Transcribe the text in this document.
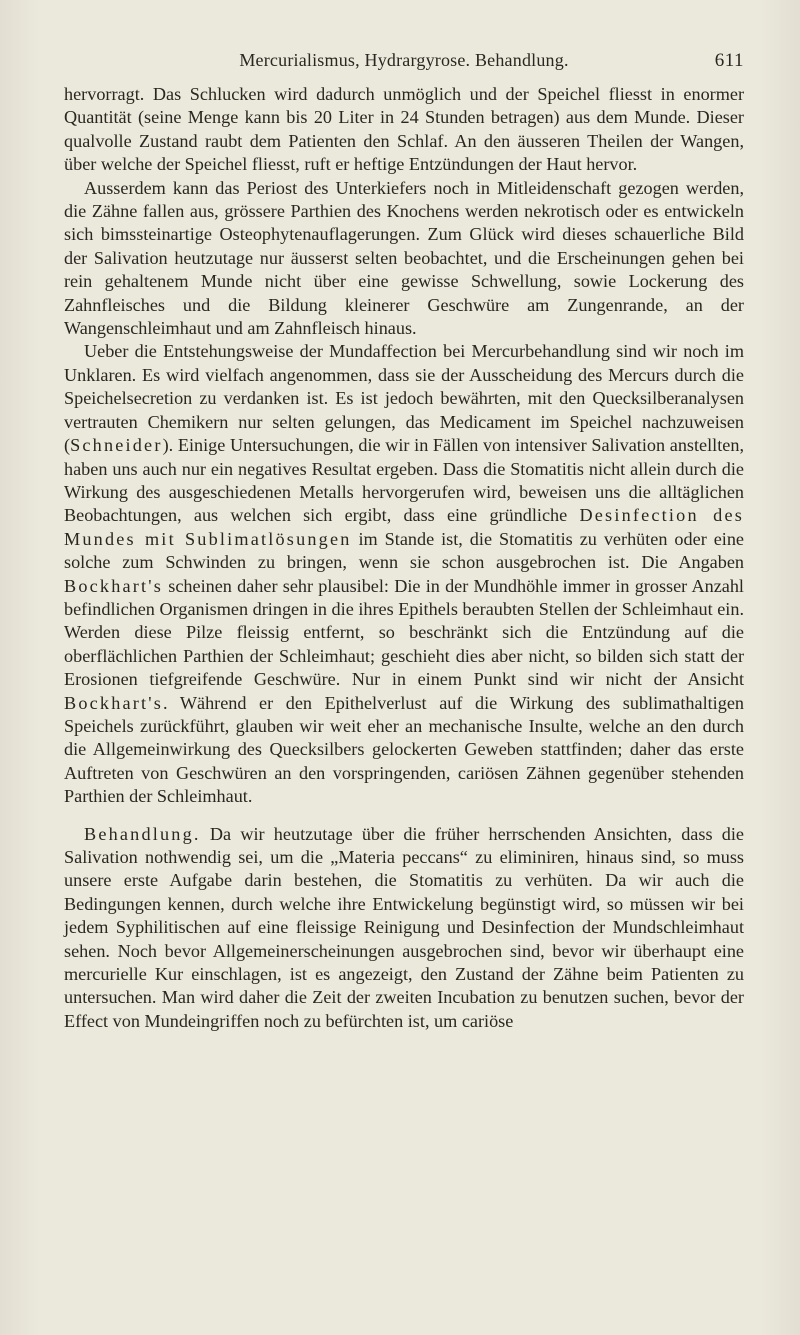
Mercurialismus, Hydrargyrose. Behandlung.	611

hervorragt. Das Schlucken wird dadurch unmöglich und der Speichel fliesst in enormer Quantität (seine Menge kann bis 20 Liter in 24 Stunden betragen) aus dem Munde. Dieser qualvolle Zustand raubt dem Patienten den Schlaf. An den äusseren Theilen der Wangen, über welche der Speichel fliesst, ruft er heftige Entzündungen der Haut hervor.

Ausserdem kann das Periost des Unterkiefers noch in Mitleidenschaft gezogen werden, die Zähne fallen aus, grössere Parthien des Knochens werden nekrotisch oder es entwickeln sich bimssteinartige Osteophytenauflagerungen. Zum Glück wird dieses schauerliche Bild der Salivation heutzutage nur äusserst selten beobachtet, und die Erscheinungen gehen bei rein gehaltenem Munde nicht über eine gewisse Schwellung, sowie Lockerung des Zahnfleisches und die Bildung kleinerer Geschwüre am Zungenrande, an der Wangenschleimhaut und am Zahnfleisch hinaus.

Ueber die Entstehungsweise der Mundaffection bei Mercurbehandlung sind wir noch im Unklaren. Es wird vielfach angenommen, dass sie der Ausscheidung des Mercurs durch die Speichelsecretion zu verdanken ist. Es ist jedoch bewährten, mit den Quecksilberanalysen vertrauten Chemikern nur selten gelungen, das Medicament im Speichel nachzuweisen (Schneider). Einige Untersuchungen, die wir in Fällen von intensiver Salivation anstellten, haben uns auch nur ein negatives Resultat ergeben. Dass die Stomatitis nicht allein durch die Wirkung des ausgeschiedenen Metalls hervorgerufen wird, beweisen uns die alltäglichen Beobachtungen, aus welchen sich ergibt, dass eine gründliche Desinfection des Mundes mit Sublimatlösungen im Stande ist, die Stomatitis zu verhüten oder eine solche zum Schwinden zu bringen, wenn sie schon ausgebrochen ist. Die Angaben Bockhart's scheinen daher sehr plausibel: Die in der Mundhöhle immer in grosser Anzahl befindlichen Organismen dringen in die ihres Epithels beraubten Stellen der Schleimhaut ein. Werden diese Pilze fleissig entfernt, so beschränkt sich die Entzündung auf die oberflächlichen Parthien der Schleimhaut; geschieht dies aber nicht, so bilden sich statt der Erosionen tiefgreifende Geschwüre. Nur in einem Punkt sind wir nicht der Ansicht Bockhart's. Während er den Epithelverlust auf die Wirkung des sublimathaltigen Speichels zurückführt, glauben wir weit eher an mechanische Insulte, welche an den durch die Allgemeinwirkung des Quecksilbers gelockerten Geweben stattfinden; daher das erste Auftreten von Geschwüren an den vorspringenden, cariösen Zähnen gegenüber stehenden Parthien der Schleimhaut.

Behandlung. Da wir heutzutage über die früher herrschenden Ansichten, dass die Salivation nothwendig sei, um die „Materia peccans“ zu eliminiren, hinaus sind, so muss unsere erste Aufgabe darin bestehen, die Stomatitis zu verhüten. Da wir auch die Bedingungen kennen, durch welche ihre Entwickelung begünstigt wird, so müssen wir bei jedem Syphilitischen auf eine fleissige Reinigung und Desinfection der Mundschleimhaut sehen. Noch bevor Allgemeinerscheinungen ausgebrochen sind, bevor wir überhaupt eine mercurielle Kur einschlagen, ist es angezeigt, den Zustand der Zähne beim Patienten zu untersuchen. Man wird daher die Zeit der zweiten Incubation zu benutzen suchen, bevor der Effect von Mundeingriffen noch zu befürchten ist, um cariöse
